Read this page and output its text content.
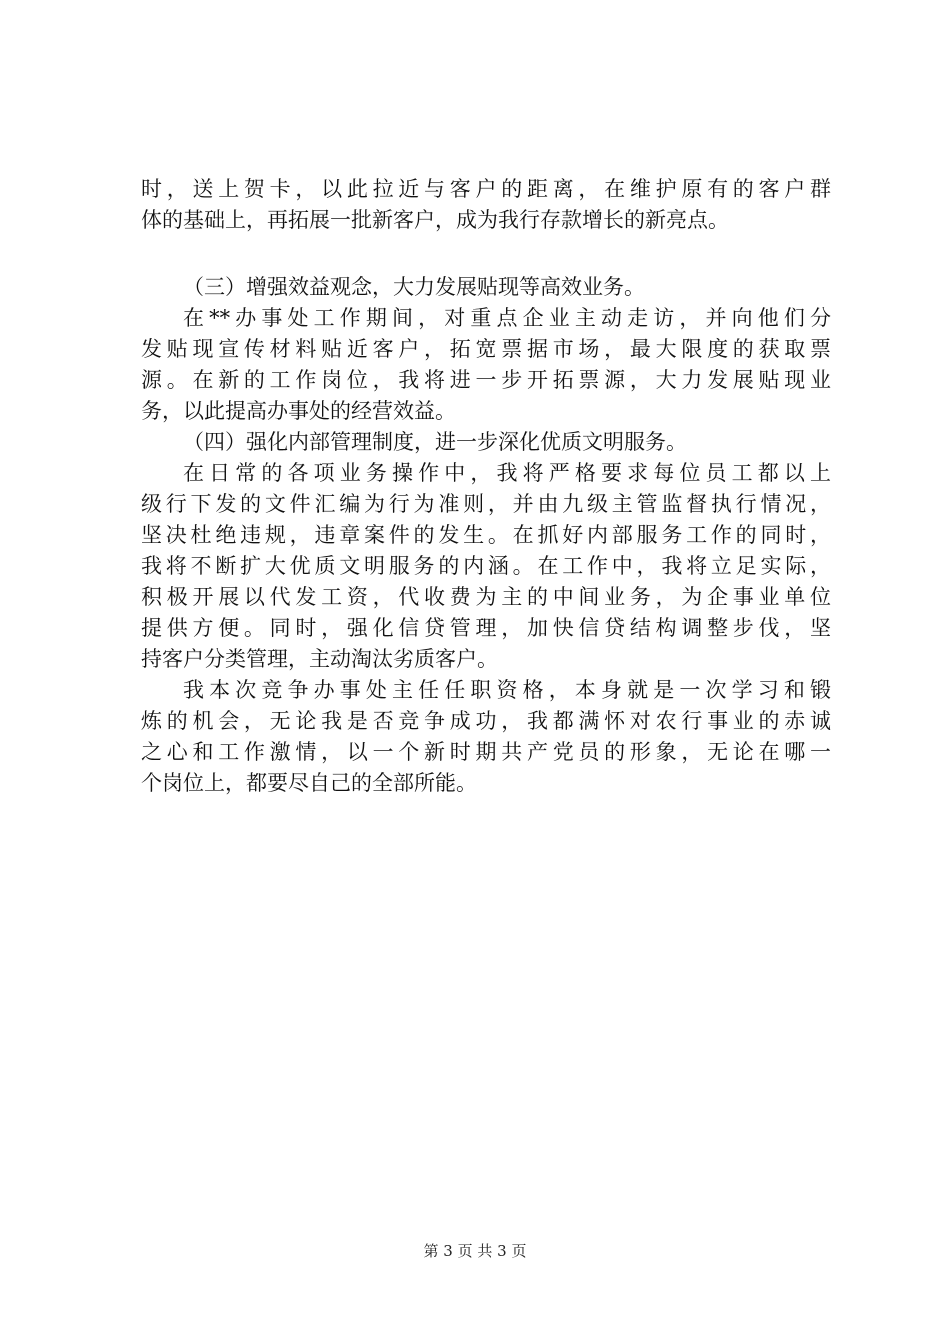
时，送上贺卡，以此拉近与客户的距离，在维护原有的客户群
体的基础上，再拓展一批新客户，成为我行存款增长的新亮点。
（三）增强效益观念，大力发展贴现等高效业务。
在**办事处工作期间，对重点企业主动走访，并向他们分
发贴现宣传材料贴近客户，拓宽票据市场，最大限度的获取票
源。在新的工作岗位，我将进一步开拓票源，大力发展贴现业
务，以此提高办事处的经营效益。
（四）强化内部管理制度，进一步深化优质文明服务。
在日常的各项业务操作中，我将严格要求每位员工都以上
级行下发的文件汇编为行为准则，并由九级主管监督执行情况，
坚决杜绝违规，违章案件的发生。在抓好内部服务工作的同时，
我将不断扩大优质文明服务的内涵。在工作中，我将立足实际，
积极开展以代发工资，代收费为主的中间业务，为企事业单位
提供方便。同时，强化信贷管理，加快信贷结构调整步伐，坚
持客户分类管理，主动淘汰劣质客户。
我本次竞争办事处主任任职资格，本身就是一次学习和锻
炼的机会，无论我是否竞争成功，我都满怀对农行事业的赤诚
之心和工作激情，以一个新时期共产党员的形象，无论在哪一
个岗位上，都要尽自己的全部所能。
第 3 页 共 3 页
